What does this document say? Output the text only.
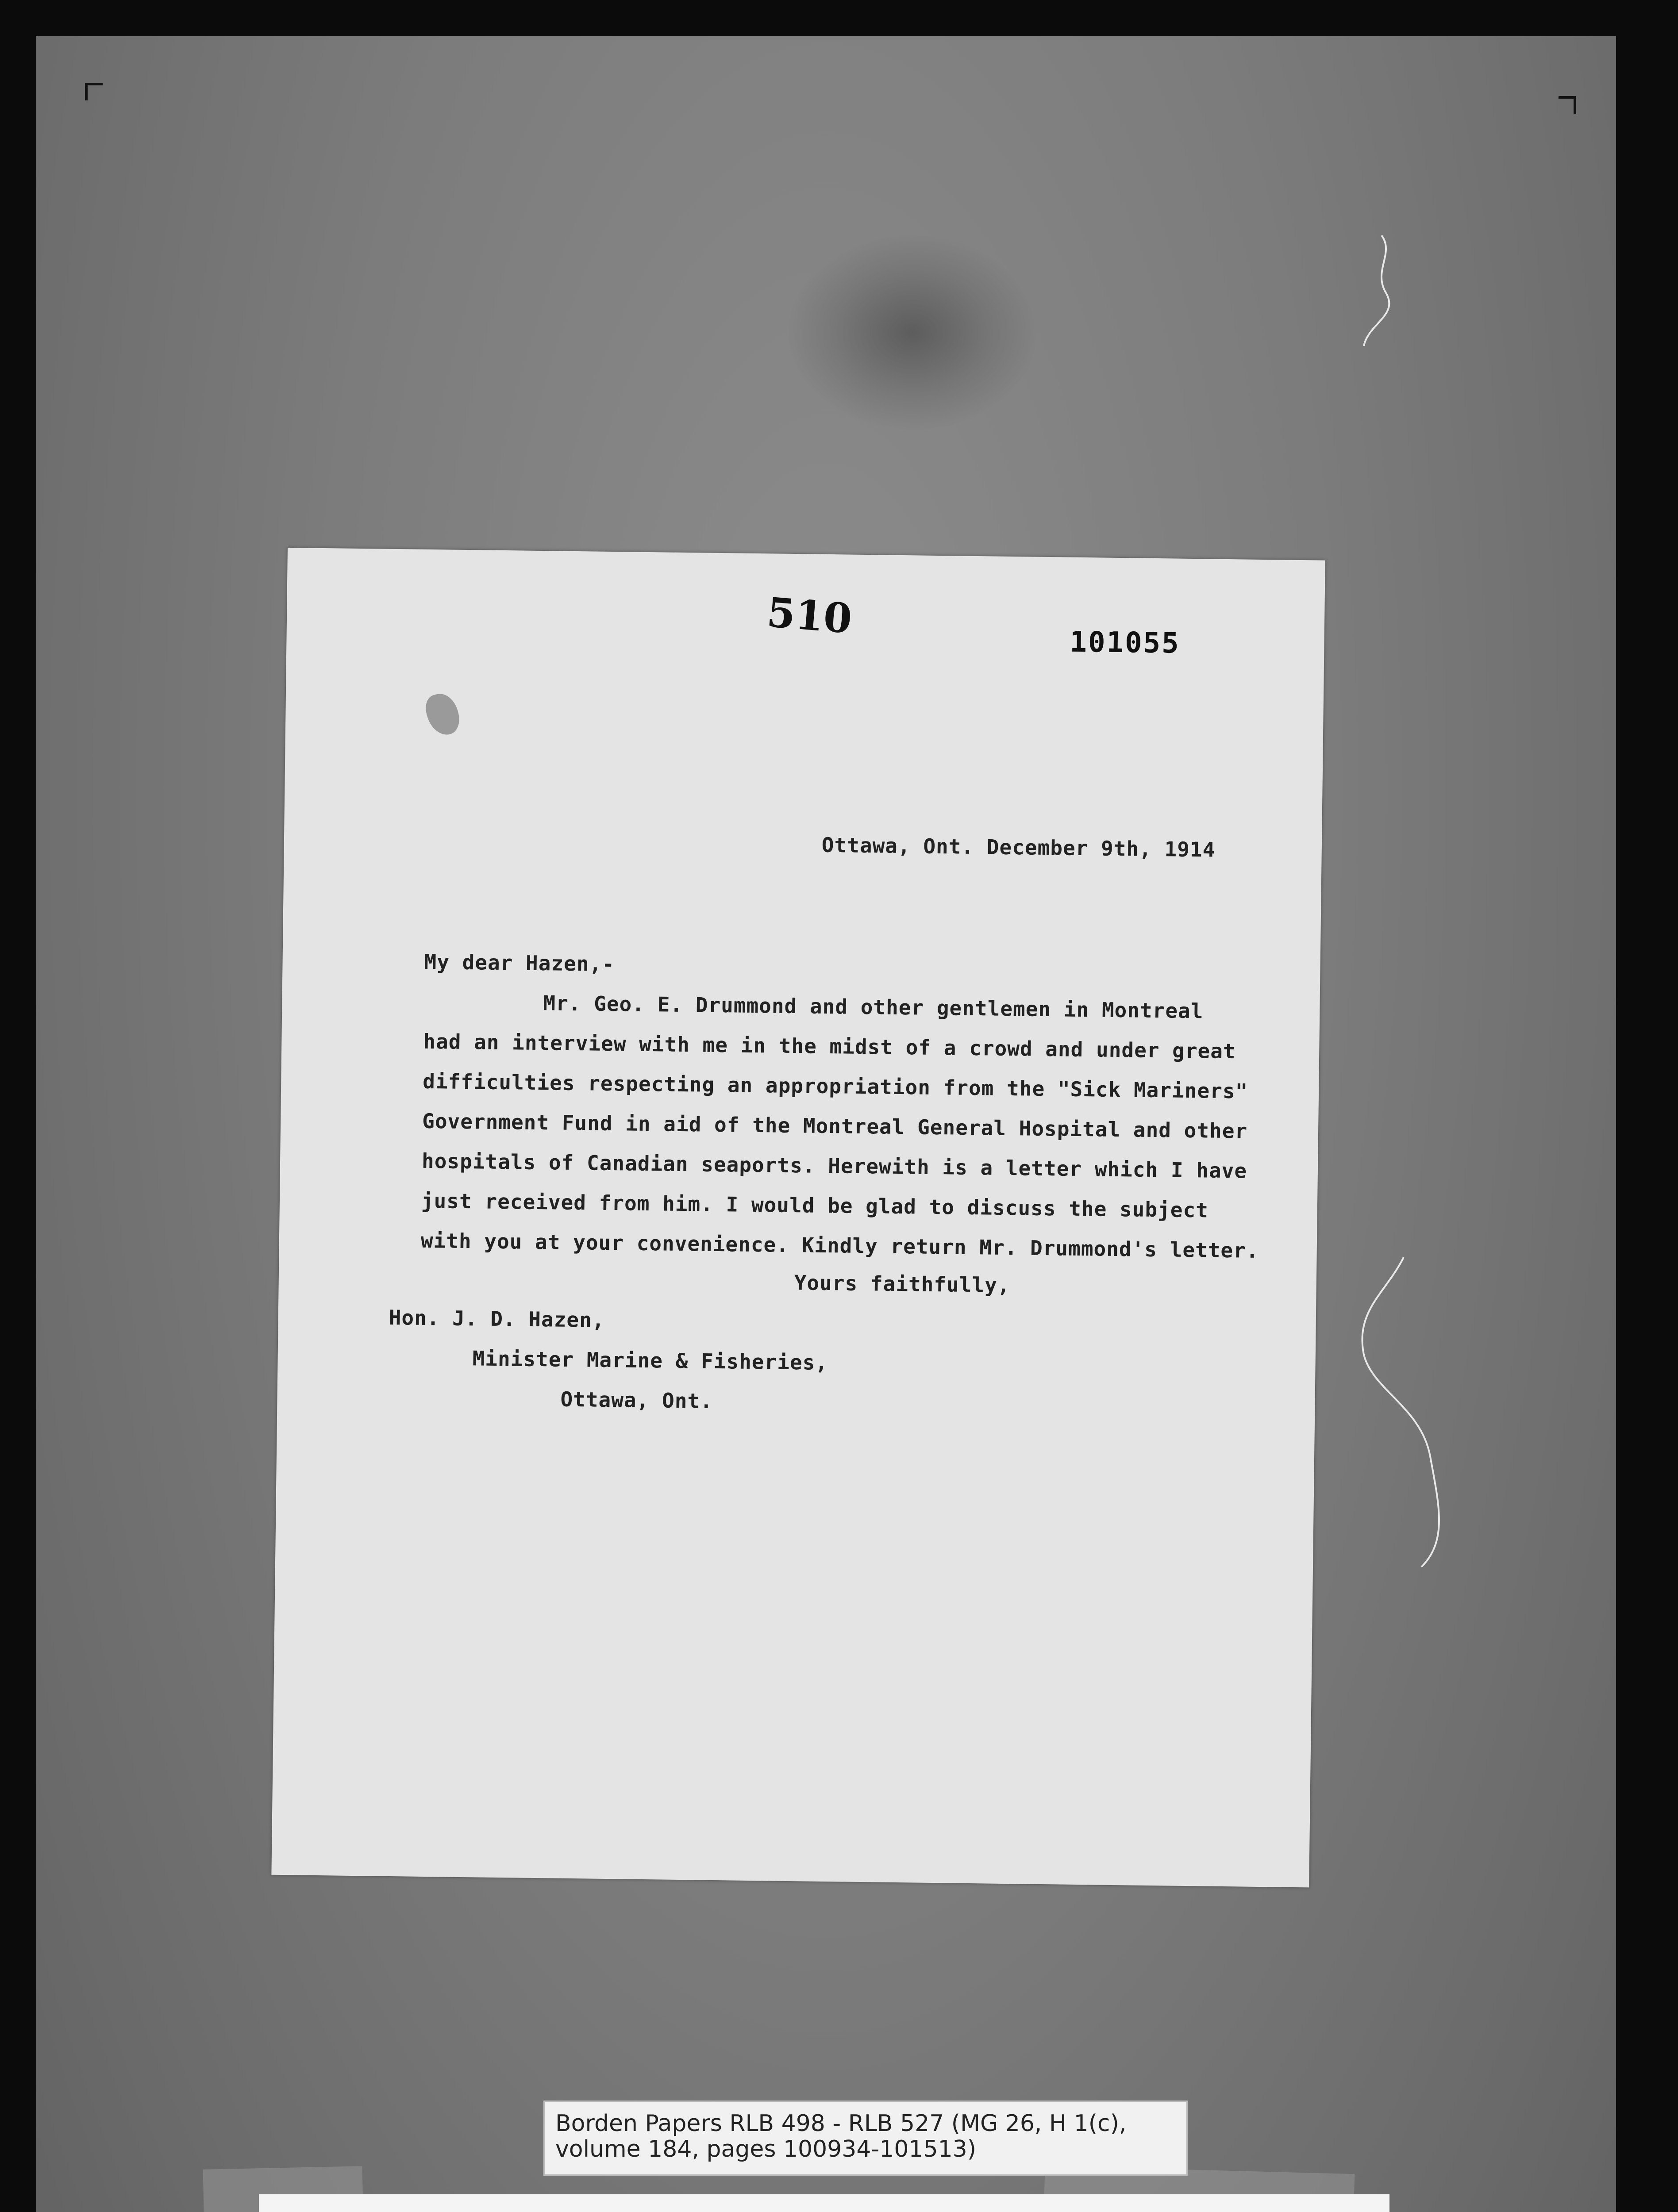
510
101055
Ottawa, Ont. December 9th, 1914
My dear Hazen,-
Mr. Geo. E. Drummond and other gentlemen in Montreal
had an interview with me in the midst of a crowd and under great
difficulties respecting an appropriation from the "Sick Mariners"
Government Fund in aid of the Montreal General Hospital and other
hospitals of Canadian seaports. Herewith is a letter which I have
just received from him. I would be glad to discuss the subject
with you at your convenience. Kindly return Mr. Drummond's letter.
Yours faithfully,
Hon. J. D. Hazen,
Minister Marine & Fisheries,
Ottawa, Ont.
Borden Papers RLB 498 - RLB 527 (MG 26, H 1(c),
volume 184, pages 100934-101513)
